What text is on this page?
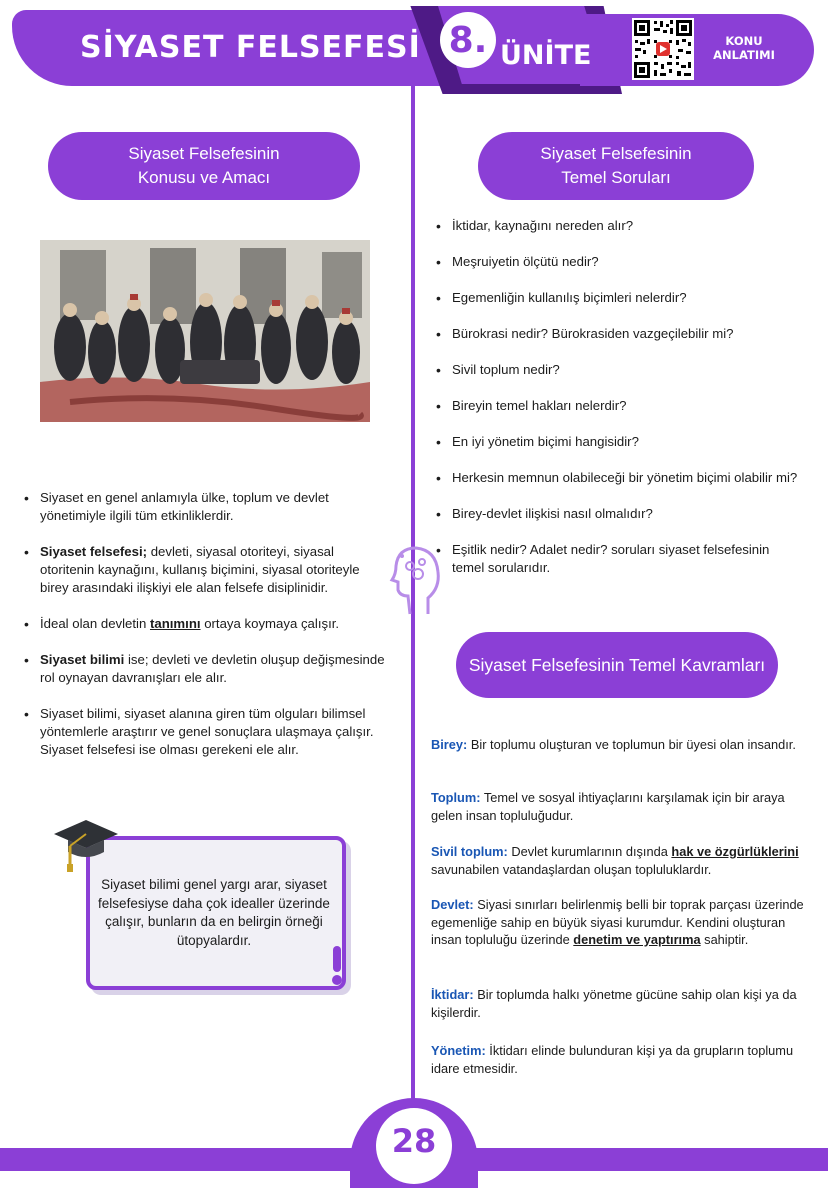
SİYASET FELSEFESİ 8. ÜNİTE	KONU
ANLATIMI
Siyaset Felsefesinin
Konusu ve Amacı
• Siyaset en genel anlamıyla ülke, toplum ve devlet yönetimiyle ilgili tüm etkinliklerdir.
• Siyaset felsefesi; devleti, siyasal otoriteyi, siyasal otoritenin kaynağını, kullanış biçimini, siyasal otoriteyle birey arasındaki ilişkiyi ele alan felsefe disiplinidir.
• İdeal olan devletin tanımını ortaya koymaya çalışır.
• Siyaset bilimi ise; devleti ve devletin oluşup değişmesinde rol oynayan davranışları ele alır.
• Siyaset bilimi, siyaset alanına giren tüm olguları bilimsel yöntemlerle araştırır ve genel sonuçlara ulaşmaya çalışır. Siyaset felsefesi ise olması gerekeni ele alır.
Siyaset bilimi genel yargı arar, siyaset felsefesiyse daha çok idealler üzerinde çalışır, bunların da en belirgin örneği ütopyalardır.
Siyaset Felsefesinin
Temel Soruları
• İktidar, kaynağını nereden alır?
• Meşruiyetin ölçütü nedir?
• Egemenliğin kullanılış biçimleri nelerdir?
• Bürokrasi nedir? Bürokrasiden vazgeçilebilir mi?
• Sivil toplum nedir?
• Bireyin temel hakları nelerdir?
• En iyi yönetim biçimi hangisidir?
• Herkesin memnun olabileceği bir yönetim biçimi olabilir mi?
• Birey-devlet ilişkisi nasıl olmalıdır?
• Eşitlik nedir? Adalet nedir? soruları siyaset felsefesinin temel sorularıdır.
Siyaset Felsefesinin Temel Kavramları

Birey: Bir toplumu oluşturan ve toplumun bir üyesi olan insandır.

Toplum: Temel ve sosyal ihtiyaçlarını karşılamak için bir araya gelen insan topluluğudur.

Sivil toplum: Devlet kurumlarının dışında hak ve özgürlüklerini savunabilen vatandaşlardan oluşan topluluklardır.

Devlet: Siyasi sınırları belirlenmiş belli bir toprak parçası üzerinde egemenliğe sahip en büyük siyasi kurumdur. Kendini oluşturan insan topluluğu üzerinde denetim ve yaptırıma sahiptir.

İktidar: Bir toplumda halkı yönetme gücüne sahip olan kişi ya da kişilerdir.

Yönetim: İktidarı elinde bulunduran kişi ya da grupların toplumu idare etmesidir.

28
